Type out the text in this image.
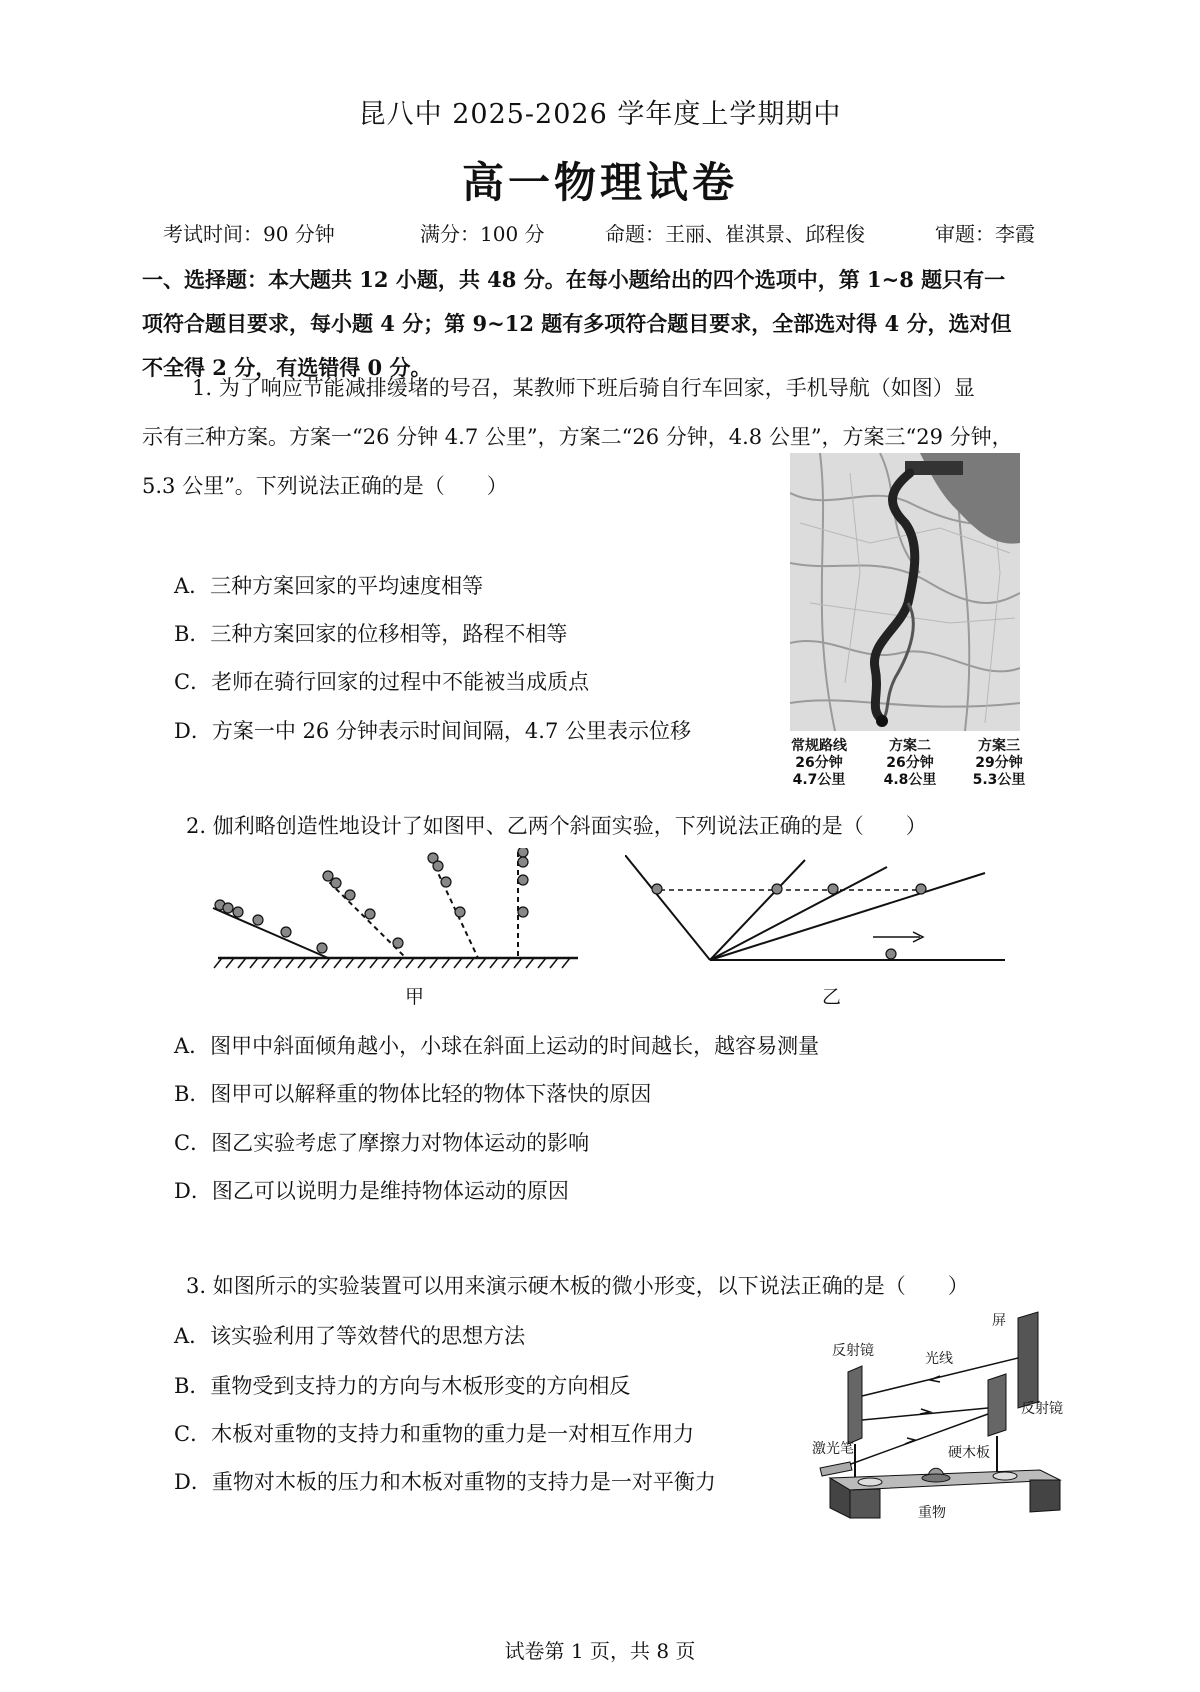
昆八中 2025-2026 学年度上学期期中
高一物理试卷
考试时间：90 分钟	满分：100 分	命题：王丽、崔淇景、邱程俊	审题：李霞
一、选择题：本大题共 12 小题，共 48 分。在每小题给出的四个选项中，第 1~8 题只有一
项符合题目要求，每小题 4 分；第 9~12 题有多项符合题目要求，全部选对得 4 分，选对但
不全得 2 分，有选错得 0 分。
1. 为了响应节能减排缓堵的号召，某教师下班后骑自行车回家，手机导航（如图）显
示有三种方案。方案一“26 分钟 4.7 公里”，方案二“26 分钟，4.8 公里”，方案三“29 分钟，
5.3 公里”。下列说法正确的是（　　）
A．三种方案回家的平均速度相等
B．三种方案回家的位移相等，路程不相等
C．老师在骑行回家的过程中不能被当成质点
D．方案一中 26 分钟表示时间间隔，4.7 公里表示位移
常规路线
26分钟
4.7公里
方案二
26分钟
4.8公里
方案三
29分钟
5.3公里
2. 伽利略创造性地设计了如图甲、乙两个斜面实验，下列说法正确的是（　　）
甲	乙
A．图甲中斜面倾角越小，小球在斜面上运动的时间越长，越容易测量
B．图甲可以解释重的物体比轻的物体下落快的原因
C．图乙实验考虑了摩擦力对物体运动的影响
D．图乙可以说明力是维持物体运动的原因
3. 如图所示的实验装置可以用来演示硬木板的微小形变，以下说法正确的是（　　）
A．该实验利用了等效替代的思想方法
B．重物受到支持力的方向与木板形变的方向相反
C．木板对重物的支持力和重物的重力是一对相互作用力
D．重物对木板的压力和木板对重物的支持力是一对平衡力
屏
反射镜	光线
反射镜
激光笔	硬木板
重物
试卷第 1 页，共 8 页
